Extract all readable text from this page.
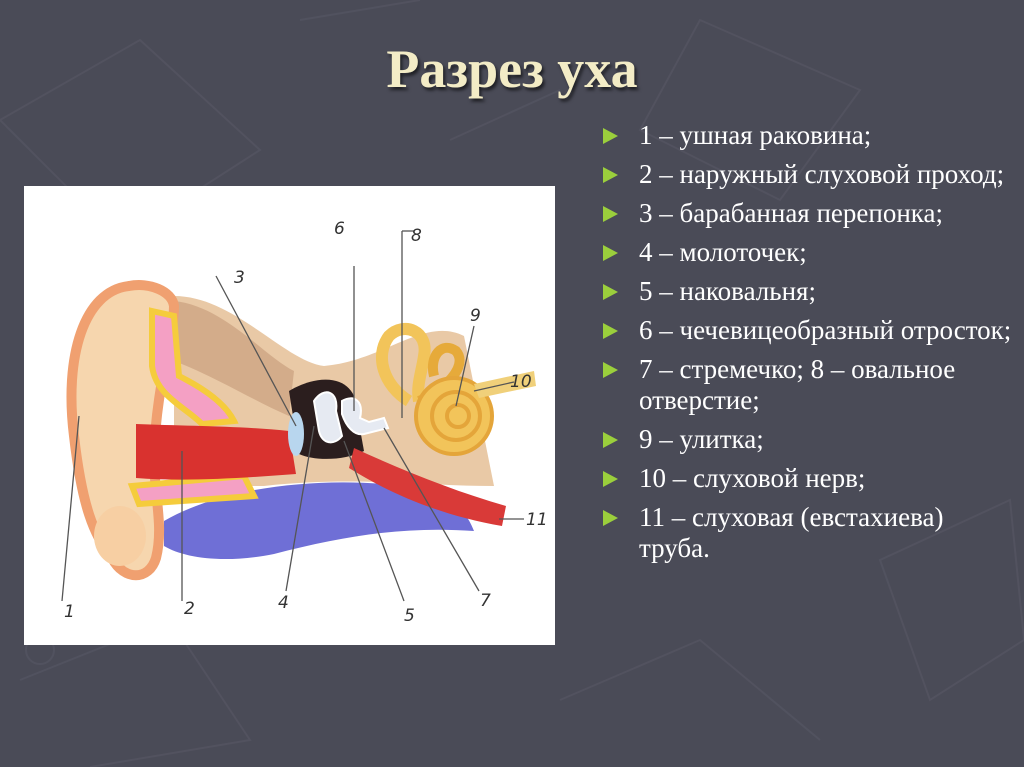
Разрез уха
1	2
3
4
5
6
7
8
9
10
11
1 – ушная раковина;
2 – наружный слуховой проход;
3 – барабанная перепонка;
4 – молоточек;
5 – наковальня;
6 – чечевицеобразный отросток;
7 – стремечко; 8 – овальное отверстие;
9 – улитка;
10 – слуховой нерв;
11 – слуховая (евстахиева) труба.
